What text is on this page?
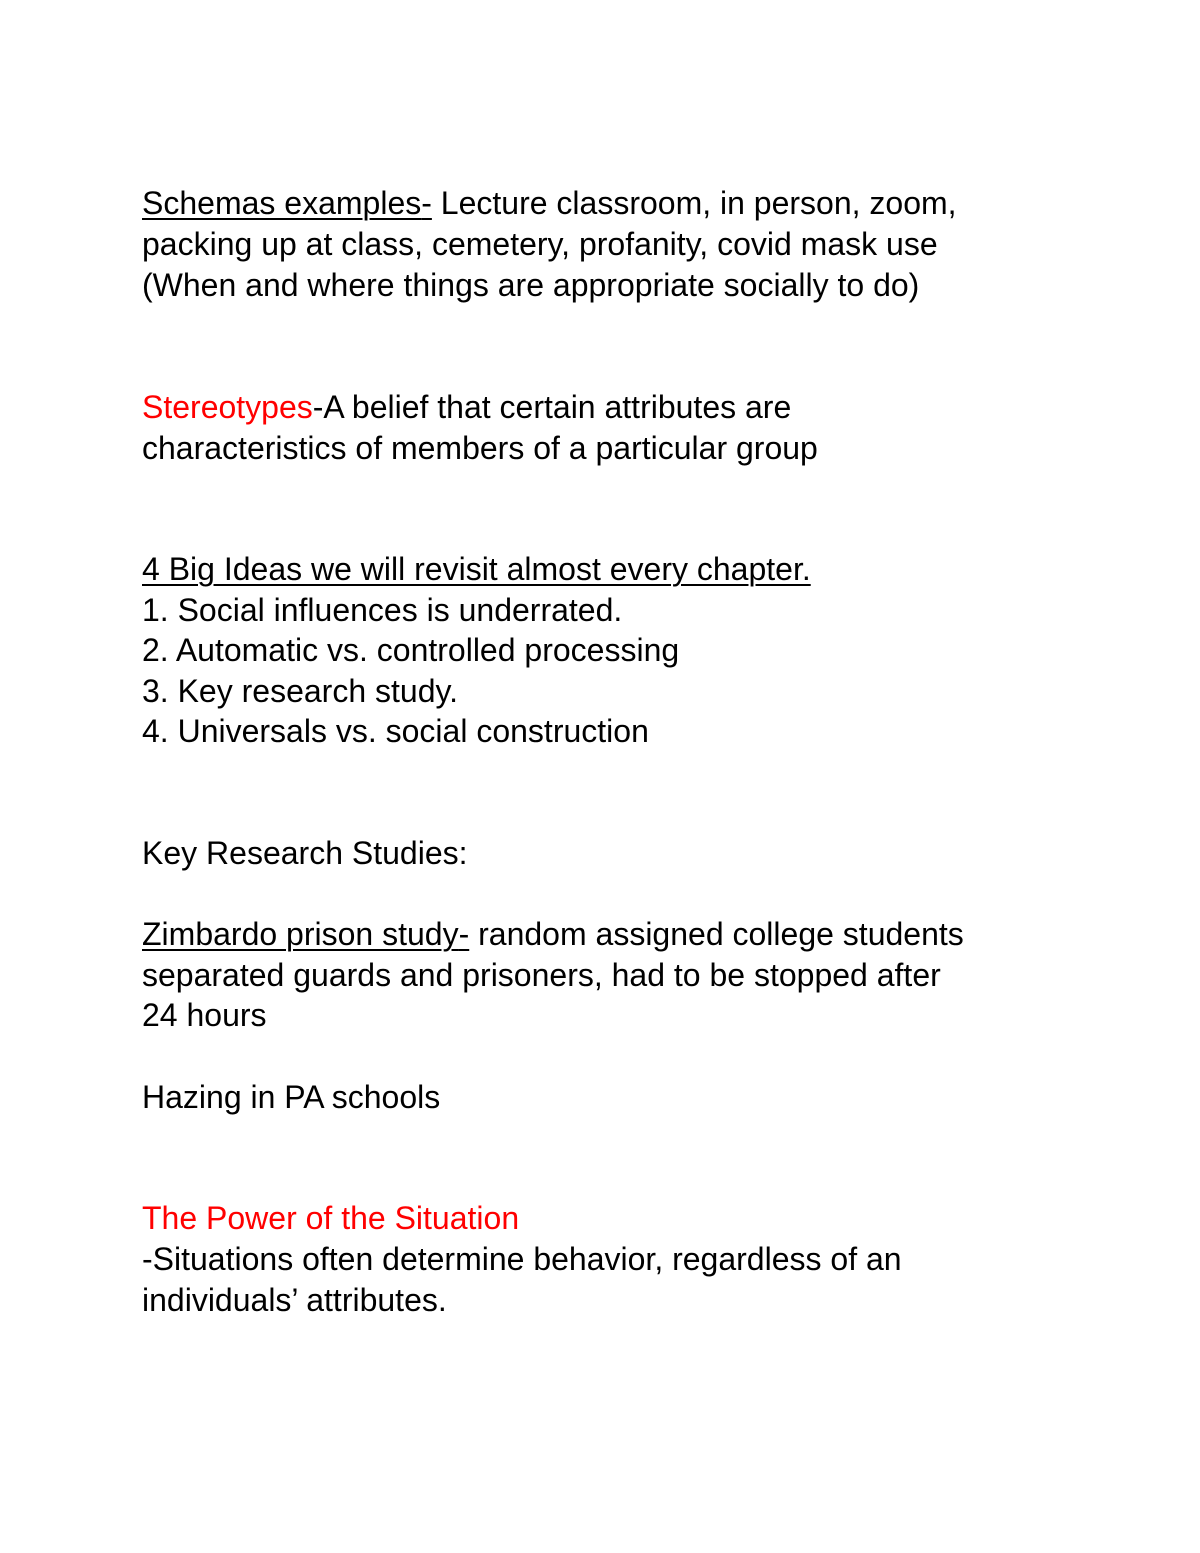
Schemas examples- Lecture classroom, in person, zoom,
packing up at class, cemetery, profanity, covid mask use
(When and where things are appropriate socially to do)
Stereotypes-A belief that certain attributes are
characteristics of members of a particular group
4 Big Ideas we will revisit almost every chapter.
1. Social influences is underrated.
2. Automatic vs. controlled processing
3. Key research study.
4. Universals vs. social construction
Key Research Studies:
Zimbardo prison study- random assigned college students
separated guards and prisoners, had to be stopped after
24 hours
Hazing in PA schools
The Power of the Situation
-Situations often determine behavior, regardless of an
individuals’ attributes.
